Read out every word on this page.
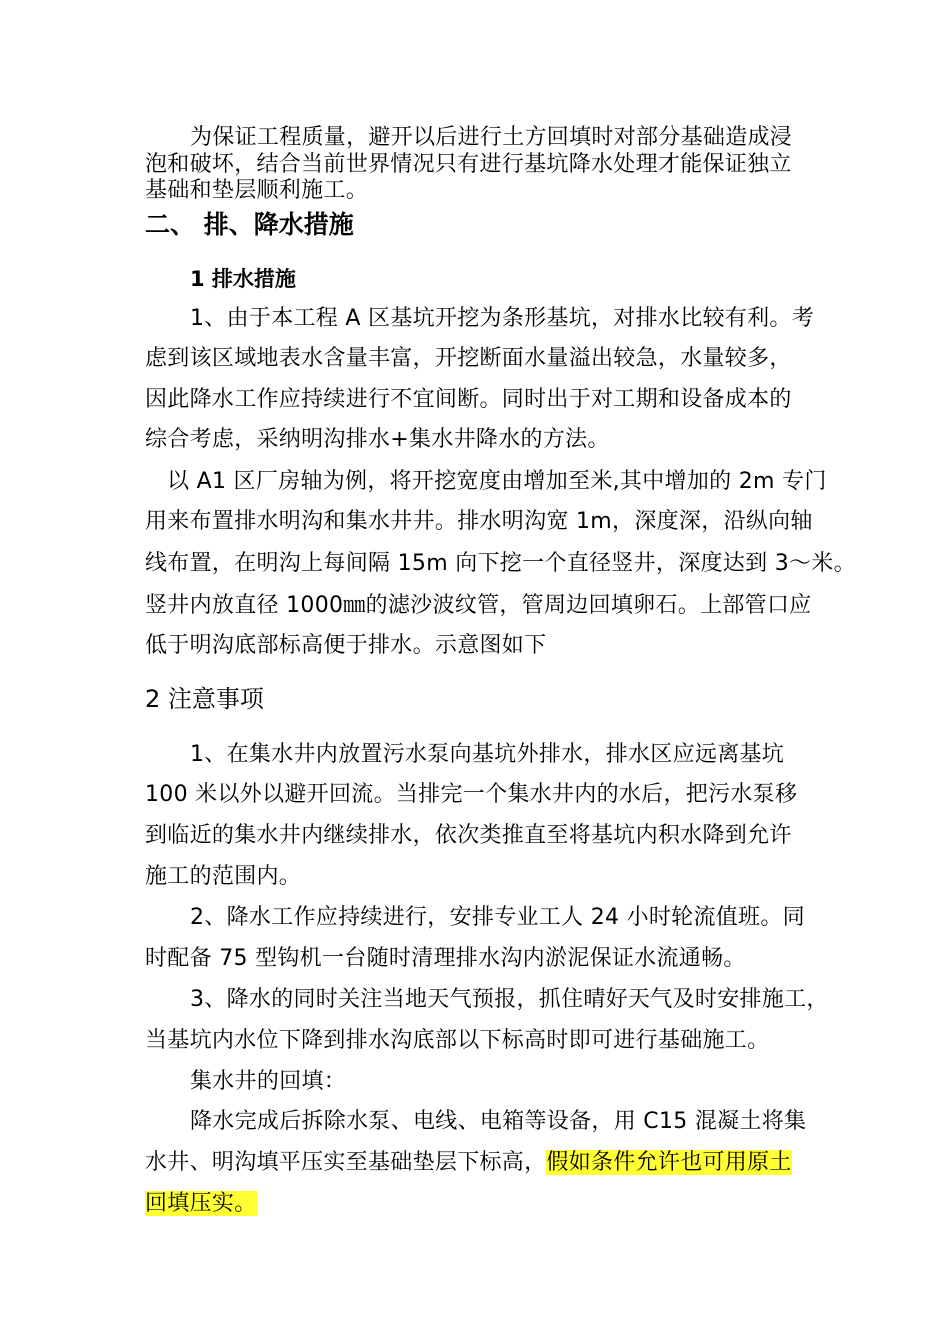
为保证工程质量，避开以后进行土方回填时对部分基础造成浸
泡和破坏，结合当前世界情况只有进行基坑降水处理才能保证独立
基础和垫层顺利施工。
二、 排、降水措施
1 排水措施
1、由于本工程 A 区基坑开挖为条形基坑，对排水比较有利。考
虑到该区域地表水含量丰富，开挖断面水量溢出较急，水量较多，
因此降水工作应持续进行不宜间断。同时出于对工期和设备成本的
综合考虑，采纳明沟排水+集水井降水的方法。
以 A1 区厂房轴为例，将开挖宽度由增加至米,其中增加的 2m 专门
用来布置排水明沟和集水井井。排水明沟宽 1m，深度深，沿纵向轴
线布置，在明沟上每间隔 15m 向下挖一个直径竖井，深度达到 3～米。
竖井内放直径 1000㎜的滤沙波纹管，管周边回填卵石。上部管口应
低于明沟底部标高便于排水。示意图如下
2 注意事项
1、在集水井内放置污水泵向基坑外排水，排水区应远离基坑
100 米以外以避开回流。当排完一个集水井内的水后，把污水泵移
到临近的集水井内继续排水，依次类推直至将基坑内积水降到允许
施工的范围内。
2、降水工作应持续进行，安排专业工人 24 小时轮流值班。同
时配备 75 型钩机一台随时清理排水沟内淤泥保证水流通畅。
3、降水的同时关注当地天气预报，抓住晴好天气及时安排施工，
当基坑内水位下降到排水沟底部以下标高时即可进行基础施工。
集水井的回填：
降水完成后拆除水泵、电线、电箱等设备，用 C15 混凝土将集
水井、明沟填平压实至基础垫层下标高，假如条件允许也可用原土
回填压实。
